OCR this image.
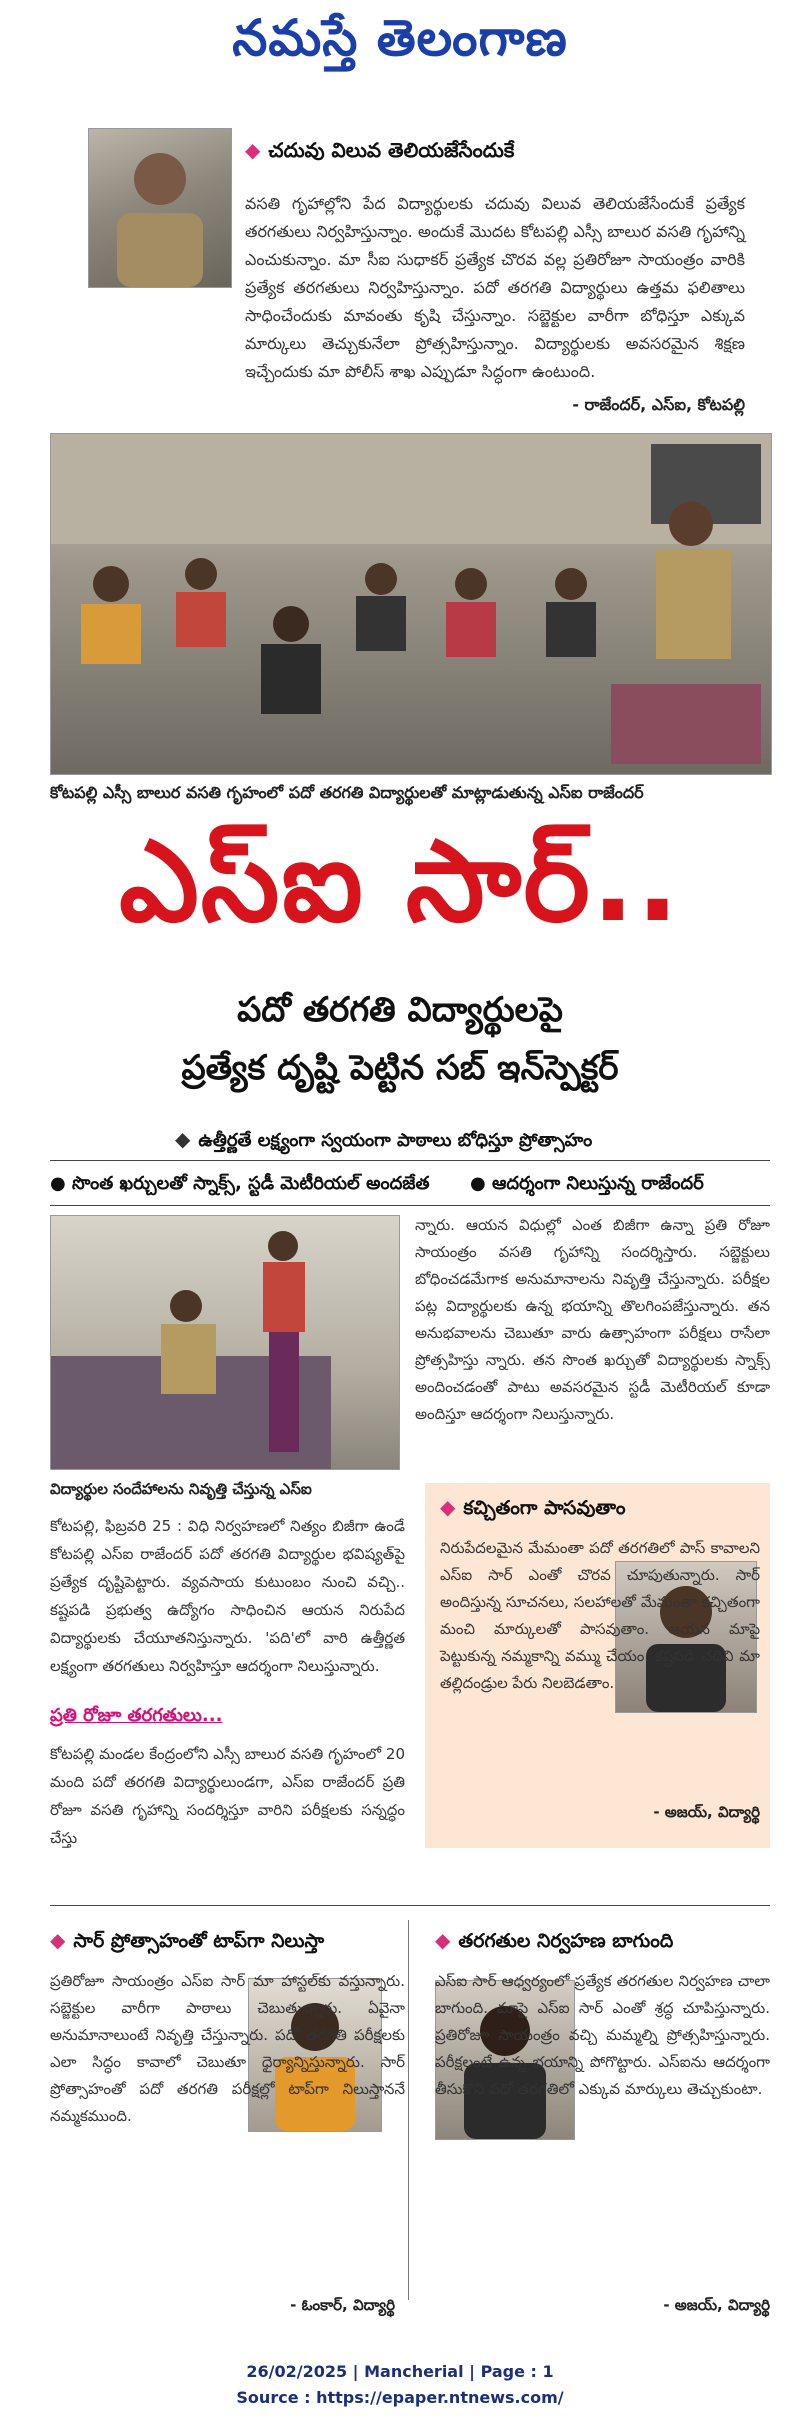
నమస్తే తెలంగాణ
◆ చదువు విలువ తెలియజేసేందుకే
వసతి గృహాల్లోని పేద విద్యార్థులకు చదువు విలువ తెలియజేసేందుకే ప్రత్యేక తరగతులు నిర్వహిస్తున్నాం. అందుకే మొదట కోటపల్లి ఎస్సీ బాలుర వసతి గృహాన్ని ఎంచుకున్నాం. మా సీఐ సుధాకర్ ప్రత్యేక చొరవ వల్ల ప్రతిరోజూ సాయంత్రం వారికి ప్రత్యేక తరగతులు నిర్వహిస్తున్నాం. పదో తరగతి విద్యార్థులు ఉత్తమ ఫలితాలు సాధించేందుకు మావంతు కృషి చేస్తున్నాం. సబ్జెక్టుల వారీగా బోధిస్తూ ఎక్కువ మార్కులు తెచ్చుకునేలా ప్రోత్సహిస్తున్నాం. విద్యార్థులకు అవసరమైన శిక్షణ ఇచ్చేందుకు మా పోలీస్ శాఖ ఎప్పుడూ సిద్ధంగా ఉంటుంది.
- రాజేందర్, ఎస్ఐ, కోటపల్లి
కోటపల్లి ఎస్సీ బాలుర వసతి గృహంలో పదో తరగతి విద్యార్థులతో మాట్లాడుతున్న ఎస్ఐ రాజేందర్
ఎస్ఐ సార్..
పదో తరగతి విద్యార్థులపై
ప్రత్యేక దృష్టి పెట్టిన సబ్ ఇన్‌స్పెక్టర్
◆ ఉత్తీర్ణతే లక్ష్యంగా స్వయంగా పాఠాలు బోధిస్తూ ప్రోత్సాహం
● సొంత ఖర్చులతో స్నాక్స్, స్టడీ మెటీరియల్ అందజేత ● ఆదర్శంగా నిలుస్తున్న రాజేందర్
విద్యార్థుల సందేహాలను నివృత్తి చేస్తున్న ఎస్ఐ
న్నారు. ఆయన విధుల్లో ఎంత బిజీగా ఉన్నా ప్రతి రోజూ సాయంత్రం వసతి గృహాన్ని సందర్శిస్తారు. సబ్జెక్టులు బోధించడమేగాక అనుమానాలను నివృత్తి చేస్తున్నారు. పరీక్షల పట్ల విద్యార్థులకు ఉన్న భయాన్ని తొలగింపజేస్తున్నారు. తన అనుభవాలను చెబుతూ వారు ఉత్సాహంగా పరీక్షలు రాసేలా ప్రోత్సహిస్తు న్నారు. తన సొంత ఖర్చుతో విద్యార్థులకు స్నాక్స్ అందించడంతో పాటు అవసరమైన స్టడీ మెటీరియల్ కూడా అందిస్తూ ఆదర్శంగా నిలుస్తున్నారు.
కోటపల్లి, ఫిబ్రవరి 25 : విధి నిర్వహణలో నిత్యం బిజీగా ఉండే కోటపల్లి ఎస్ఐ రాజేందర్ పదో తరగతి విద్యార్థుల భవిష్యత్‌పై ప్రత్యేక దృష్టిపెట్టారు. వ్యవసాయ కుటుంబం నుంచి వచ్చి.. కష్టపడి ప్రభుత్వ ఉద్యోగం సాధించిన ఆయన నిరుపేద విద్యార్థులకు చేయూతనిస్తున్నారు. 'పది'లో వారి ఉత్తీర్ణత లక్ష్యంగా తరగతులు నిర్వహిస్తూ ఆదర్శంగా నిలుస్తున్నారు.
ప్రతి రోజూ తరగతులు...
కోటపల్లి మండల కేంద్రంలోని ఎస్సీ బాలుర వసతి గృహంలో 20 మంది పదో తరగతి విద్యార్థులుండగా, ఎస్ఐ రాజేందర్ ప్రతి రోజూ వసతి గృహాన్ని సందర్శిస్తూ వారిని పరీక్షలకు సన్నద్ధం చేస్తు
◆ కచ్చితంగా పాసవుతాం
నిరుపేదలమైన మేమంతా పదో తరగతిలో పాస్ కావాలని ఎస్ఐ సార్ ఎంతో చొరవ చూపుతున్నారు. సార్ అందిస్తున్న సూచనలు, సలహాలతో మేమంతా కచ్చితంగా మంచి మార్కులతో పాసవుతాం. ఆయన మాపై పెట్టుకున్న నమ్మకాన్ని వమ్ము చేయం. కష్టపడి చదివి మా తల్లిదండ్రుల పేరు నిలబెడతాం.
- అజయ్, విద్యార్థి
◆ సార్ ప్రోత్సాహంతో టాప్‌గా నిలుస్తా
ప్రతిరోజూ సాయంత్రం ఎస్ఐ సార్ మా హాస్టల్‌కు వస్తున్నారు. సబ్జెక్టుల వారీగా పాఠాలు చెబుతున్నారు. ఏవైనా అనుమానాలుంటే నివృత్తి చేస్తున్నారు. పదో తరగతి పరీక్షలకు ఎలా సిద్ధం కావాలో చెబుతూ ధైర్యాన్నిస్తున్నారు. సార్ ప్రోత్సాహంతో పదో తరగతి పరీక్షల్లో టాప్‌గా నిలుస్తాననే నమ్మకముంది.
- ఓంకార్, విద్యార్థి
◆ తరగతుల నిర్వహణ బాగుంది
ఎస్ఐ సార్ ఆధ్వర్యంలో ప్రత్యేక తరగతుల నిర్వహణ చాలా బాగుంది. మాపై ఎస్ఐ సార్ ఎంతో శ్రద్ధ చూపిస్తున్నారు. ప్రతిరోజూ సాయంత్రం వచ్చి మమ్మల్ని ప్రోత్సహిస్తున్నారు. పరీక్షలంటే ఉన్న భయాన్ని పోగొట్టారు. ఎస్ఐను ఆదర్శంగా తీసుకొని పదో తరగతిలో ఎక్కువ మార్కులు తెచ్చుకుంటా.
- అజయ్, విద్యార్థి
26/02/2025 | Mancherial | Page : 1
Source : https://epaper.ntnews.com/
